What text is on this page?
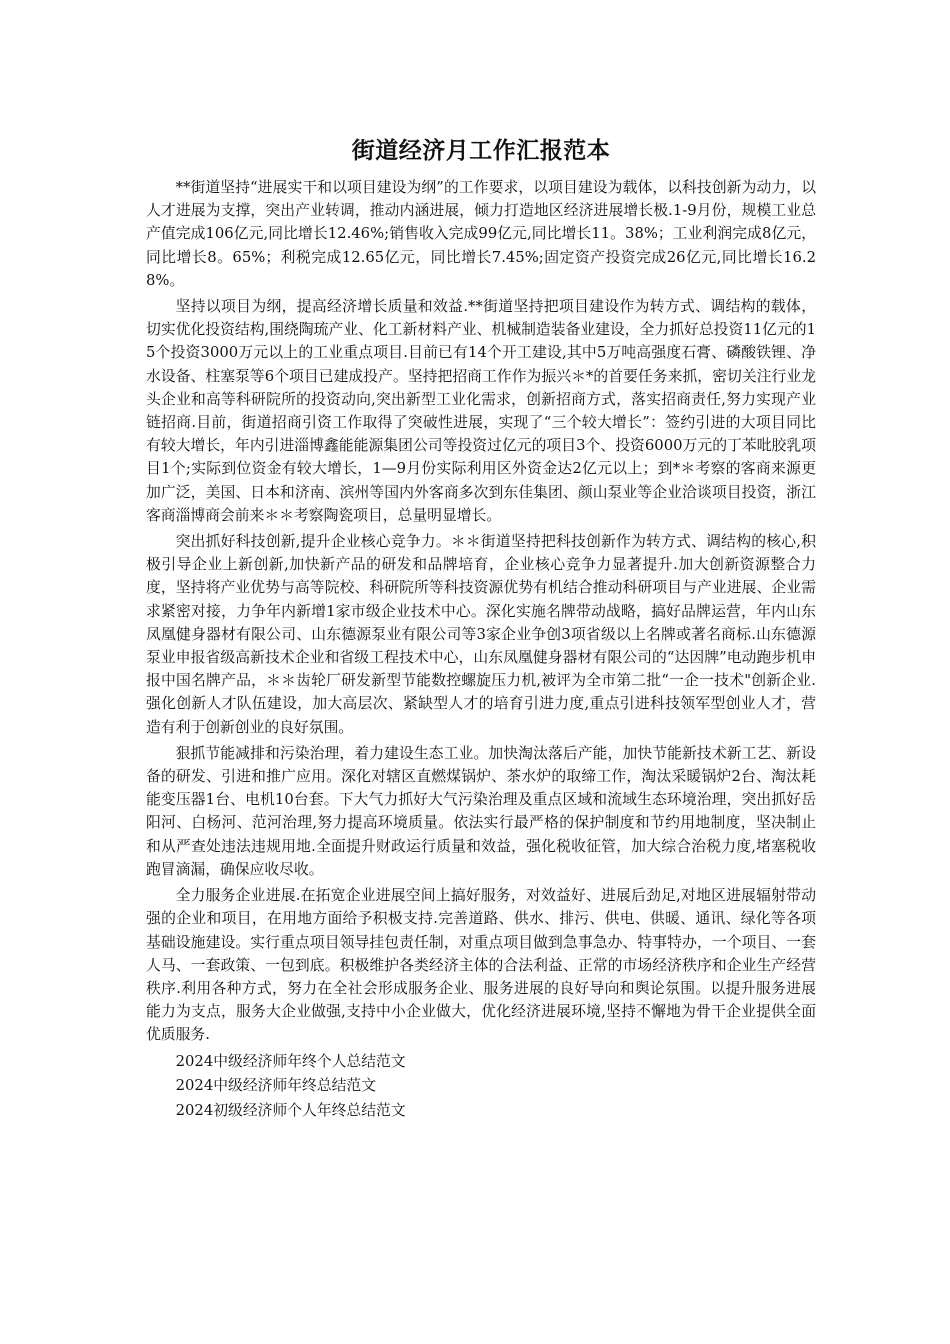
街道经济月工作汇报范本

**街道坚持“进展实干和以项目建设为纲”的工作要求，以项目建设为载体，以科技创新为动力，以人才进展为支撑，突出产业转调，推动内涵进展，倾力打造地区经济进展增长极.1-9月份，规模工业总产值完成106亿元,同比增长12.46%;销售收入完成99亿元,同比增长11。38%；工业利润完成8亿元，同比增长8。65%；利税完成12.65亿元，同比增长7.45%;固定资产投资完成26亿元,同比增长16.28%。

坚持以项目为纲，提高经济增长质量和效益.**街道坚持把项目建设作为转方式、调结构的载体，切实优化投资结构,围绕陶琉产业、化工新材料产业、机械制造装备业建设，全力抓好总投资11亿元的15个投资3000万元以上的工业重点项目.目前已有14个开工建设,其中5万吨高强度石膏、磷酸铁锂、净水设备、柱塞泵等6个项目已建成投产。坚持把招商工作作为振兴＊*的首要任务来抓，密切关注行业龙头企业和高等科研院所的投资动向,突出新型工业化需求，创新招商方式，落实招商责任,努力实现产业链招商.目前，街道招商引资工作取得了突破性进展，实现了“三个较大增长”：签约引进的大项目同比有较大增长，年内引进淄博鑫能能源集团公司等投资过亿元的项目3个、投资6000万元的丁苯吡胶乳项目1个;实际到位资金有较大增长，1—9月份实际利用区外资金达2亿元以上；到*＊考察的客商来源更加广泛，美国、日本和济南、滨州等国内外客商多次到东佳集团、颜山泵业等企业洽谈项目投资，浙江客商淄博商会前来＊＊考察陶瓷项目，总量明显增长。

突出抓好科技创新,提升企业核心竞争力。＊＊街道坚持把科技创新作为转方式、调结构的核心,积极引导企业上新创新,加快新产品的研发和品牌培育，企业核心竞争力显著提升.加大创新资源整合力度，坚持将产业优势与高等院校、科研院所等科技资源优势有机结合推动科研项目与产业进展、企业需求紧密对接，力争年内新增1家市级企业技术中心。深化实施名牌带动战略，搞好品牌运营，年内山东凤凰健身器材有限公司、山东德源泵业有限公司等3家企业争创3项省级以上名牌或著名商标.山东德源泵业申报省级高新技术企业和省级工程技术中心，山东凤凰健身器材有限公司的“达因牌”电动跑步机申报中国名牌产品，＊＊齿轮厂研发新型节能数控螺旋压力机,被评为全市第二批“一企一技术"创新企业.强化创新人才队伍建设，加大高层次、紧缺型人才的培育引进力度,重点引进科技领军型创业人才，营造有利于创新创业的良好氛围。

狠抓节能减排和污染治理，着力建设生态工业。加快淘汰落后产能，加快节能新技术新工艺、新设备的研发、引进和推广应用。深化对辖区直燃煤锅炉、茶水炉的取缔工作，淘汰采暖锅炉2台、淘汰耗能变压器1台、电机10台套。下大气力抓好大气污染治理及重点区域和流域生态环境治理，突出抓好岳阳河、白杨河、范河治理,努力提高环境质量。依法实行最严格的保护制度和节约用地制度，坚决制止和从严查处违法违规用地.全面提升财政运行质量和效益，强化税收征管，加大综合治税力度,堵塞税收跑冒滴漏，确保应收尽收。

全力服务企业进展.在拓宽企业进展空间上搞好服务，对效益好、进展后劲足,对地区进展辐射带动强的企业和项目，在用地方面给予积极支持.完善道路、供水、排污、供电、供暖、通讯、绿化等各项基础设施建设。实行重点项目领导挂包责任制，对重点项目做到急事急办、特事特办，一个项目、一套人马、一套政策、一包到底。积极维护各类经济主体的合法利益、正常的市场经济秩序和企业生产经营秩序.利用各种方式，努力在全社会形成服务企业、服务进展的良好导向和舆论氛围。以提升服务进展能力为支点，服务大企业做强,支持中小企业做大，优化经济进展环境,坚持不懈地为骨干企业提供全面优质服务.

2024中级经济师年终个人总结范文
2024中级经济师年终总结范文
2024初级经济师个人年终总结范文
